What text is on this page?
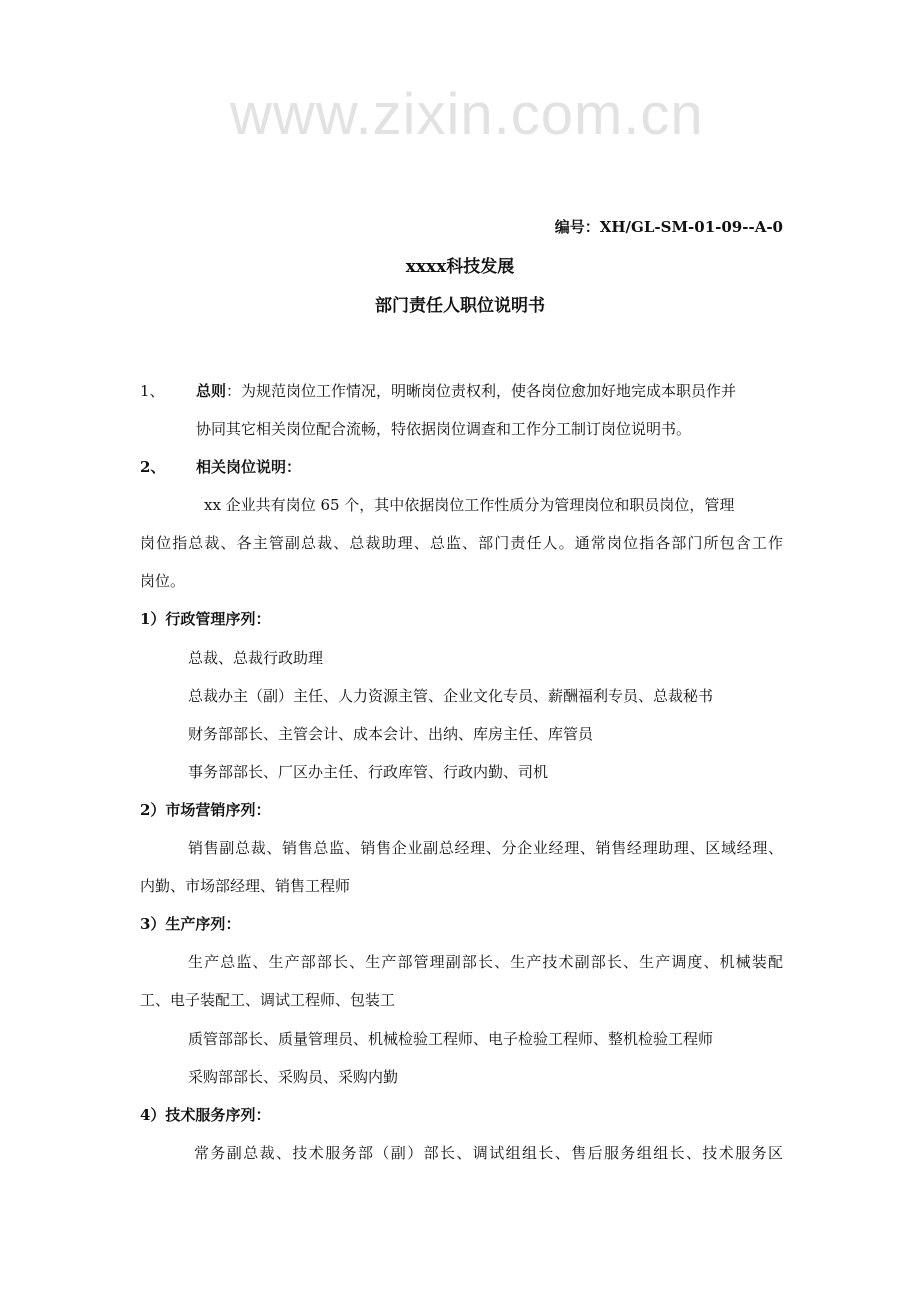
www.zixin.com.cn
编号：XH/GL-SM-01-09--A-0
xxxx科技发展
部门责任人职位说明书
1、 总则：为规范岗位工作情况，明晰岗位责权利，使各岗位愈加好地完成本职员作并
协同其它相关岗位配合流畅，特依据岗位调查和工作分工制订岗位说明书。
2、 相关岗位说明：
xx 企业共有岗位 65 个，其中依据岗位工作性质分为管理岗位和职员岗位，管理
岗位指总裁、各主管副总裁、总裁助理、总监、部门责任人。通常岗位指各部门所包含工作
岗位。
1）行政管理序列：
总裁、总裁行政助理
总裁办主（副）主任、人力资源主管、企业文化专员、薪酬福利专员、总裁秘书
财务部部长、主管会计、成本会计、出纳、库房主任、库管员
事务部部长、厂区办主任、行政库管、行政内勤、司机
2）市场营销序列：
销售副总裁、销售总监、销售企业副总经理、分企业经理、销售经理助理、区域经理、
内勤、市场部经理、销售工程师
3）生产序列：
生产总监、生产部部长、生产部管理副部长、生产技术副部长、生产调度、机械装配
工、电子装配工、调试工程师、包装工
质管部部长、质量管理员、机械检验工程师、电子检验工程师、整机检验工程师
采购部部长、采购员、采购内勤
4）技术服务序列：
常务副总裁、技术服务部（副）部长、调试组组长、售后服务组组长、技术服务区
